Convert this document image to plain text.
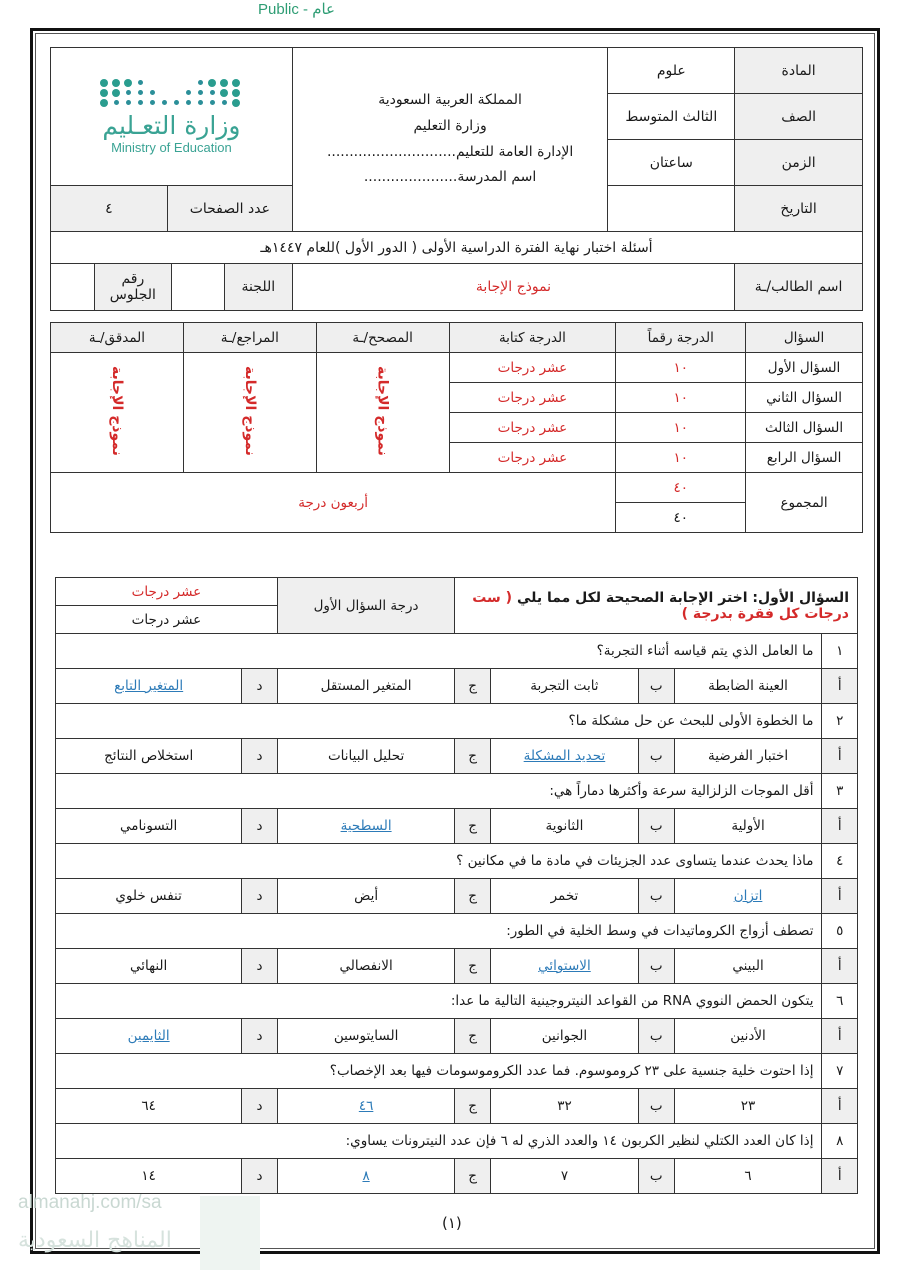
Public - عام
المادة	علوم	
المملكة العربية السعودية
وزارة التعليم
الإدارة العامة للتعليم.............................
اسم المدرسة.....................

وزارة التعـليم
Ministry of Education

الصف	الثالث المتوسط
الزمن	ساعتان
التاريخ		عدد الصفحات	٤
أسئلة اختبار نهاية الفترة الدراسية الأولى ( الدور الأول )للعام ١٤٤٧هـ
اسم الطالب/ـة	نموذج الإجابة	
اللجنة		رقم الجلوس	
السؤال	الدرجة رقماً	الدرجة كتابة	المصحح/ـة	المراجع/ـة	المدقق/ـة
السؤال الأول	١٠	عشر درجات	نموذج الإجابة	نموذج الإجابة	نموذج الإجابة
السؤال الثاني	١٠	عشر درجات			
السؤال الثالث	١٠	عشر درجات			
السؤال الرابع	١٠	عشر درجات			
المجموع	٤٠	أربعون درجة			
	٤٠				
السؤال الأول: اختر الإجابة الصحيحة لكل مما يلي ( ست درجات كل فقرة بدرجة )					درجة السؤال الأول	عشر درجات	
						عشر درجات	
١	ما العامل الذي يتم قياسه أثناء التجربة؟						
أ	العينة الضابطة	ب	ثابت التجربة	ج	المتغير المستقل	د	المتغير التابع
٢	ما الخطوة الأولى للبحث عن حل مشكلة ما؟						
أ	اختبار الفرضية	ب	تحديد المشكلة	ج	تحليل البيانات	د	استخلاص النتائج
٣	أقل الموجات الزلزالية سرعة وأكثرها دماراً هي:						
أ	الأولية	ب	الثانوية	ج	السطحية	د	التسونامي
٤	ماذا يحدث عندما يتساوى عدد الجزيئات في مادة ما في مكانين ؟						
أ	اتزان	ب	تخمر	ج	أيض	د	تنفس خلوي
٥	تصطف أزواج الكروماتيدات في وسط الخلية في الطور:						
أ	البيني	ب	الاستوائي	ج	الانفصالي	د	النهائي
٦	يتكون الحمض النووي RNA من القواعد النيتروجينية التالية ما عدا:						
أ	الأدنين	ب	الجوانين	ج	السايتوسين	د	الثايمين
٧	إذا احتوت خلية جنسية على ٢٣ كروموسوم. فما عدد الكروموسومات فيها بعد الإخصاب؟						
أ	٢٣	ب	٣٢	ج	٤٦	د	٦٤
٨	إذا كان العدد الكتلي لنظير الكربون ١٤ والعدد الذري له ٦ فإن عدد النيترونات يساوي:						
أ	٦	ب	٧	ج	٨	د	١٤
almanahj.com/sa
المناهج السعودية
(١)
